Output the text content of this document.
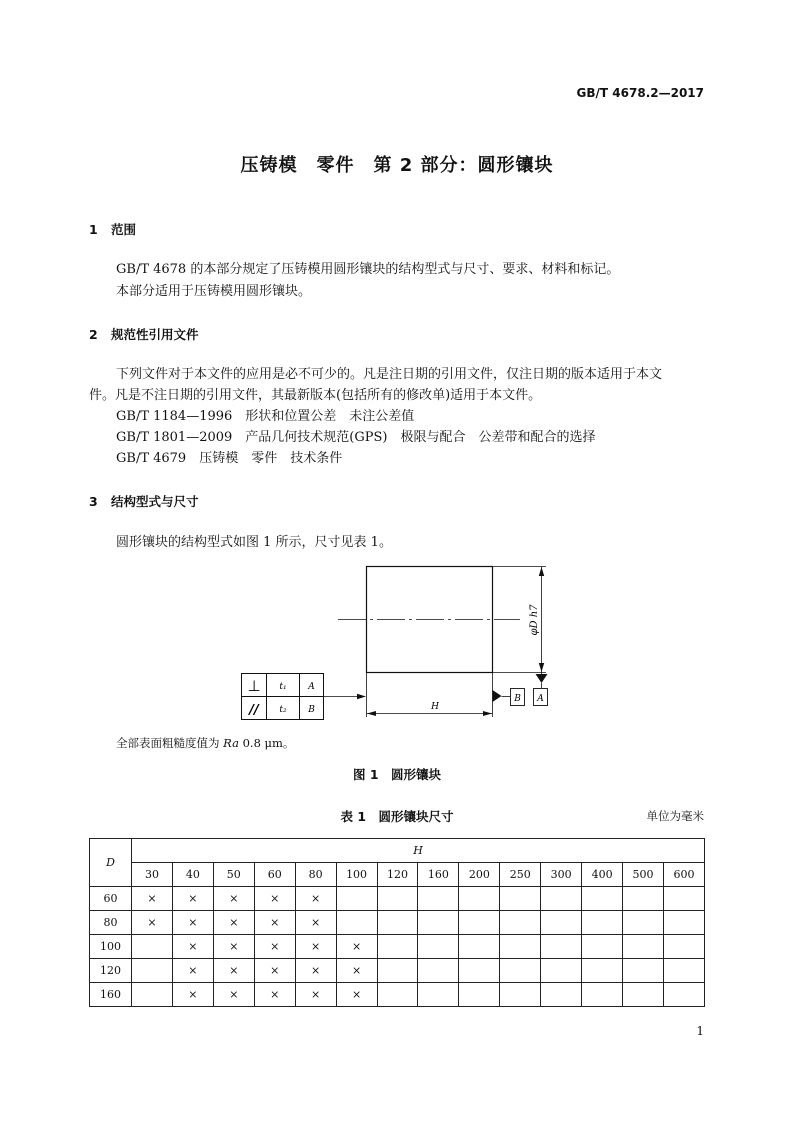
GB/T 4678.2—2017
压铸模　零件　第 2 部分：圆形镶块
1 范围
GB/T 4678 的本部分规定了压铸模用圆形镶块的结构型式与尺寸、要求、材料和标记。
本部分适用于压铸模用圆形镶块。
2 规范性引用文件
下列文件对于本文件的应用是必不可少的。凡是注日期的引用文件，仅注日期的版本适用于本文
件。凡是不注日期的引用文件，其最新版本(包括所有的修改单)适用于本文件。
GB/T 1184—1996　形状和位置公差　未注公差值
GB/T 1801—2009　产品几何技术规范(GPS)　极限与配合　公差带和配合的选择
GB/T 4679　压铸模　零件　技术条件
3 结构型式与尺寸
圆形镶块的结构型式如图 1 所示，尺寸见表 1。
φD h7
A
H
B
⊥ t₁ A
// t₂ B
全部表面粗糙度值为 Ra 0.8 μm。
图 1　圆形镶块
表 1　圆形镶块尺寸	单位为毫米
D	H													
	30	40	50	60	80	100	120	160	200	250	300	400	500	600
60	×	×	×	×	×									
80	×	×	×	×	×									
100		×	×	×	×	×								
120		×	×	×	×	×								
160		×	×	×	×	×								
1
